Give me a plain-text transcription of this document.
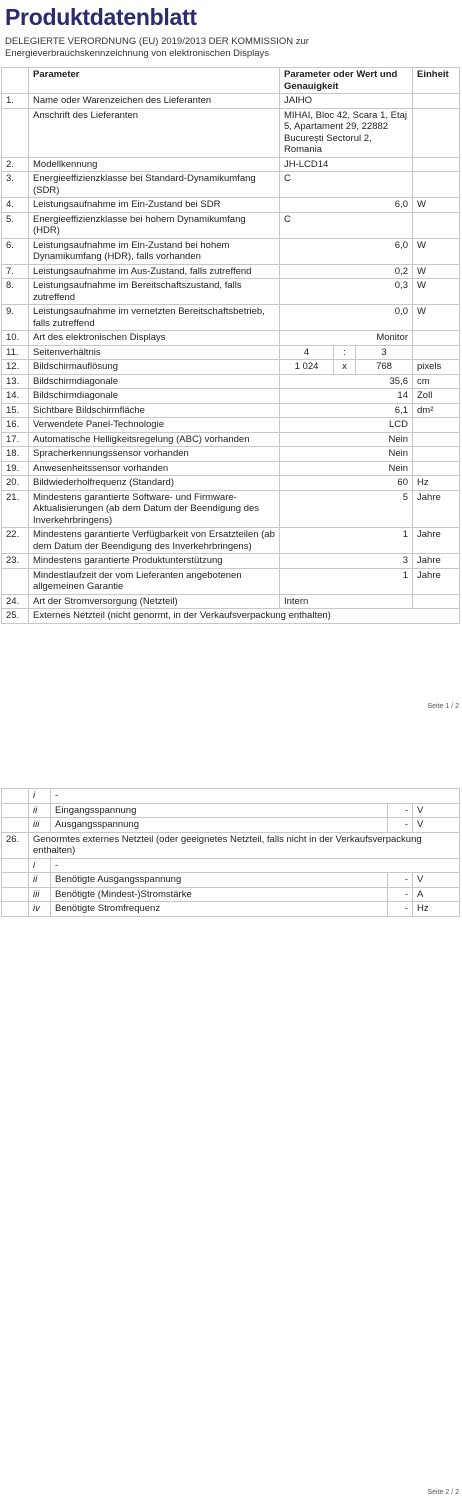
Produktdatenblatt
DELEGIERTE VERORDNUNG (EU) 2019/2013 DER KOMMISSION zur
Energieverbrauchskennzeichnung von elektronischen Displays
	Parameter	Parameter oder Wert und Genauigkeit			Einheit
1.	Name oder Warenzeichen des Lieferanten	JAIHO			
	Anschrift des Lieferanten	MIHAI, Bloc 42, Scara 1, Etaj 5, Apartament 29, 22882 București Sectorul 2, Romania			
2.	Modellkennung	JH-LCD14			
3.	Energieeffizienzklasse bei Standard-Dynamikumfang (SDR)	C			
4.	Leistungsaufnahme im Ein-Zustand bei SDR	6,0			W
5.	Energieeffizienzklasse bei hohem Dynamikumfang (HDR)	C			
6.	Leistungsaufnahme im Ein-Zustand bei hohem Dynamikumfang (HDR), falls vorhanden	6,0			W
7.	Leistungsaufnahme im Aus-Zustand, falls zutreffend	0,2			W
8.	Leistungsaufnahme im Bereitschaftszustand, falls zutreffend	0,3			W
9.	Leistungsaufnahme im vernetzten Bereitschaftsbetrieb, falls zutreffend	0,0			W
10.	Art des elektronischen Displays	Monitor			
11.	Seitenverhältnis	4	:	3	
12.	Bildschirmauflösung	1 024	x	768	pixels
13.	Bildschirmdiagonale	35,6			cm
14.	Bildschirmdiagonale	14			Zoll
15.	Sichtbare Bildschirmfläche	6,1			dm²
16.	Verwendete Panel-Technologie	LCD			
17.	Automatische Helligkeitsregelung (ABC) vorhanden	Nein			
18.	Spracherkennungssensor vorhanden	Nein			
19.	Anwesenheitssensor vorhanden	Nein			
20.	Bildwiederholfrequenz (Standard)	60			Hz
21.	Mindestens garantierte Software- und Firmware-Aktualisierungen (ab dem Datum der Beendigung des Inverkehrbringens)	5			Jahre
22.	Mindestens garantierte Verfügbarkeit von Ersatzteilen (ab dem Datum der Beendigung des Inverkehrbringens)	1			Jahre
23.	Mindestens garantierte Produktunterstützung	3			Jahre
	Mindestlaufzeit der vom Lieferanten angebotenen allgemeinen Garantie	1			Jahre
24.	Art der Stromversorgung (Netzteil)	Intern			
25.	Externes Netzteil (nicht genormt, in der Verkaufsverpackung enthalten)				
Seite 1 / 2
	i	-		
	ii	Eingangsspannung	-	V
	iii	Ausgangsspannung	-	V
26.	Genormtes externes Netzteil (oder geeignetes Netzteil, falls nicht in der Verkaufsverpackung enthalten)			
	i	-		
	ii	Benötigte Ausgangsspannung	-	V
	iii	Benötigte (Mindest-)Stromstärke	-	A
	iv	Benötigte Stromfrequenz	-	Hz
Seite 2 / 2
